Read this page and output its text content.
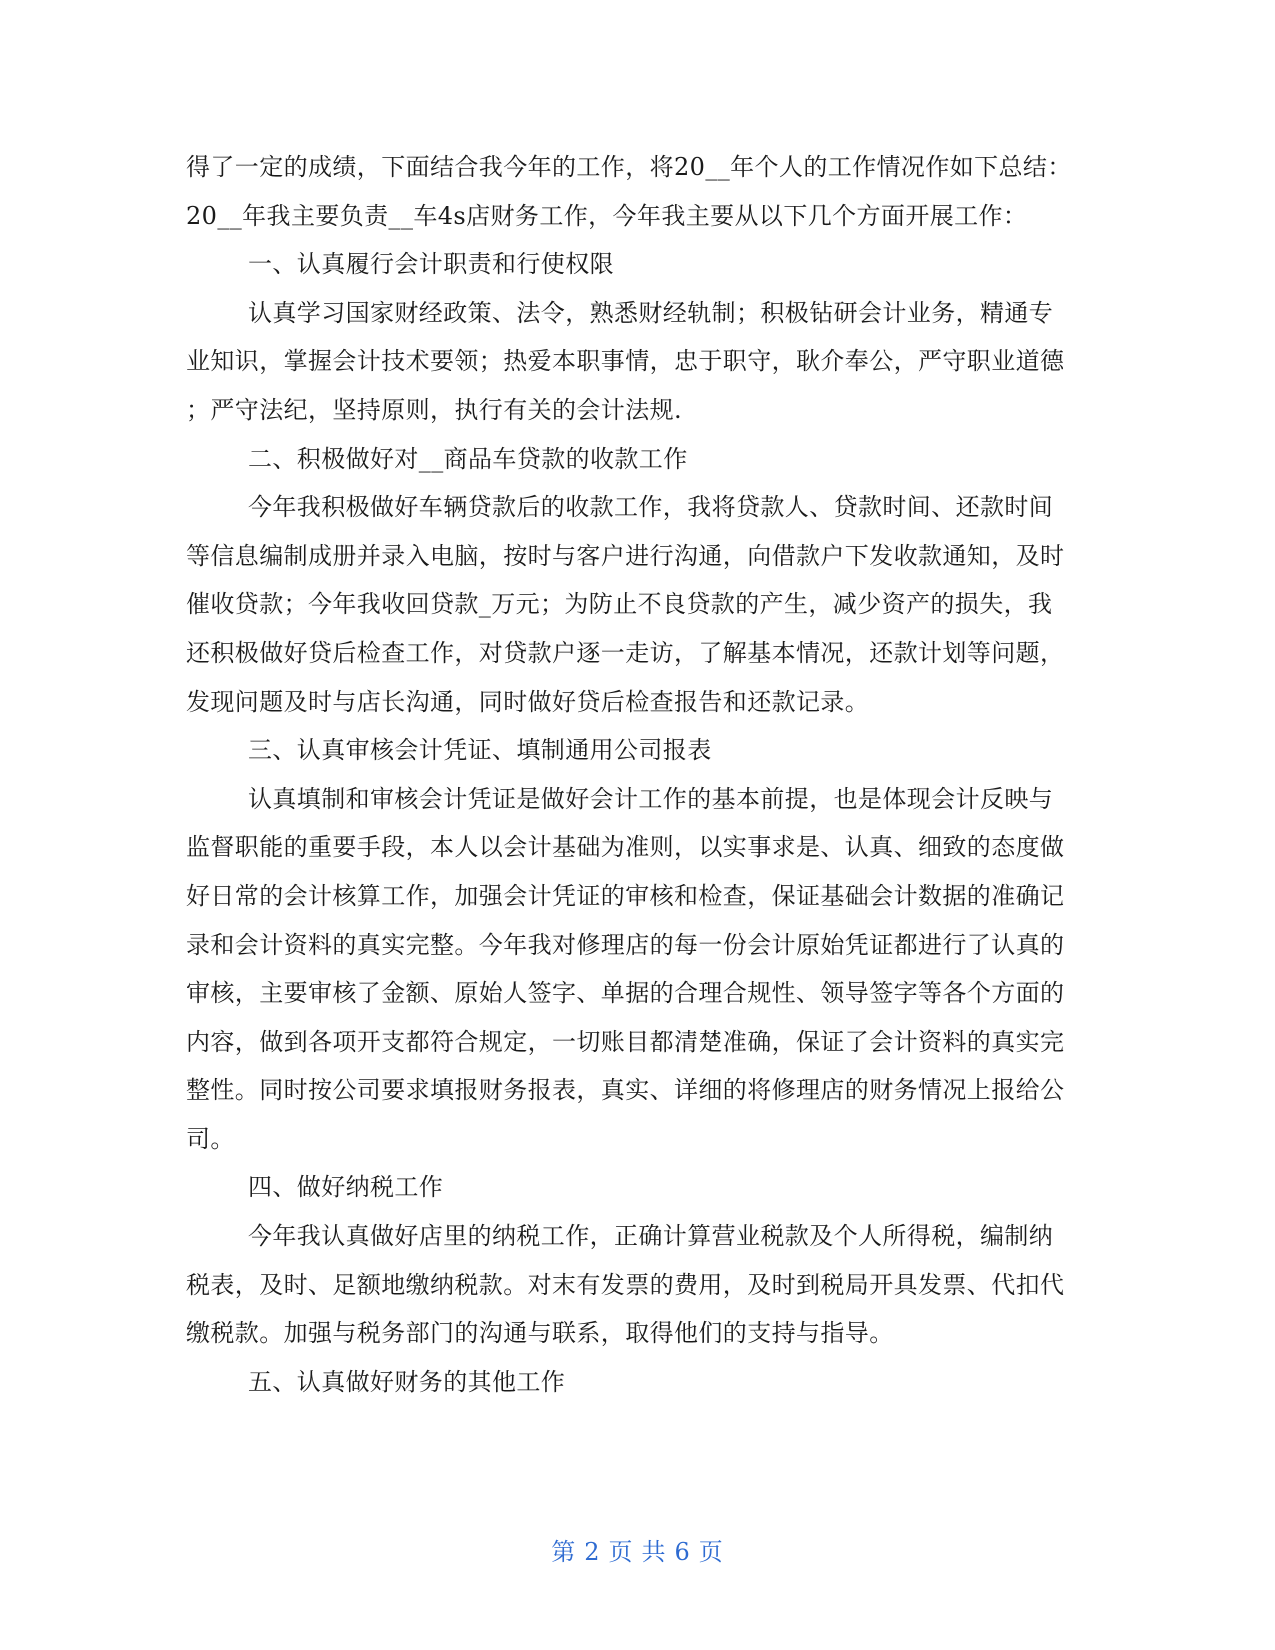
得了一定的成绩，下面结合我今年的工作，将20__年个人的工作情况作如下总结：
20__年我主要负责__车4s店财务工作，今年我主要从以下几个方面开展工作：
一、认真履行会计职责和行使权限
认真学习国家财经政策、法令，熟悉财经轨制；积极钻研会计业务，精通专
业知识，掌握会计技术要领；热爱本职事情，忠于职守，耿介奉公，严守职业道德
；严守法纪，坚持原则，执行有关的会计法规.
二、积极做好对__商品车贷款的收款工作
今年我积极做好车辆贷款后的收款工作，我将贷款人、贷款时间、还款时间
等信息编制成册并录入电脑，按时与客户进行沟通，向借款户下发收款通知，及时
催收贷款；今年我收回贷款_万元；为防止不良贷款的产生，减少资产的损失，我
还积极做好贷后检查工作，对贷款户逐一走访，了解基本情况，还款计划等问题，
发现问题及时与店长沟通，同时做好贷后检查报告和还款记录。
三、认真审核会计凭证、填制通用公司报表
认真填制和审核会计凭证是做好会计工作的基本前提，也是体现会计反映与
监督职能的重要手段，本人以会计基础为准则，以实事求是、认真、细致的态度做
好日常的会计核算工作，加强会计凭证的审核和检查，保证基础会计数据的准确记
录和会计资料的真实完整。今年我对修理店的每一份会计原始凭证都进行了认真的
审核，主要审核了金额、原始人签字、单据的合理合规性、领导签字等各个方面的
内容，做到各项开支都符合规定，一切账目都清楚准确，保证了会计资料的真实完
整性。同时按公司要求填报财务报表，真实、详细的将修理店的财务情况上报给公
司。
四、做好纳税工作
今年我认真做好店里的纳税工作，正确计算营业税款及个人所得税，编制纳
税表，及时、足额地缴纳税款。对末有发票的费用，及时到税局开具发票、代扣代
缴税款。加强与税务部门的沟通与联系，取得他们的支持与指导。
五、认真做好财务的其他工作
第 2 页 共 6 页
